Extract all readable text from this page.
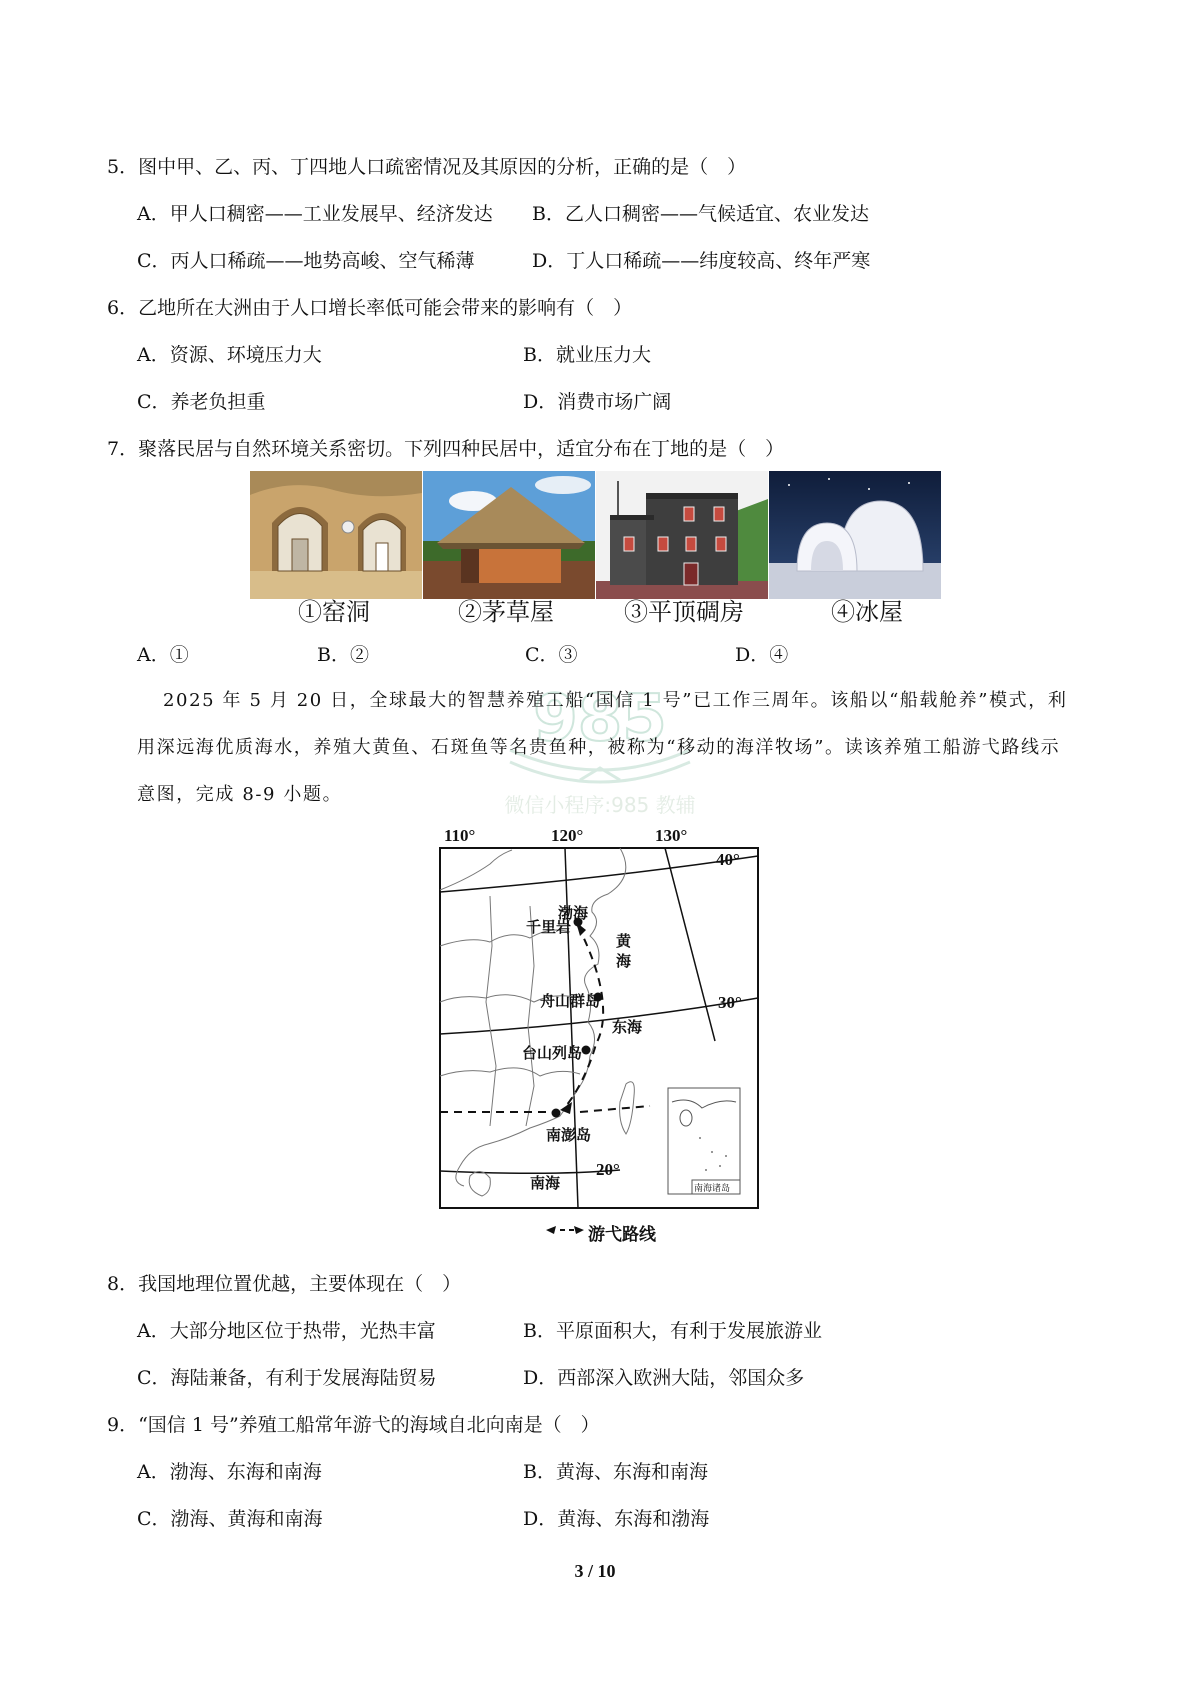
985
微信小程序:985 教辅
5．图中甲、乙、丙、丁四地人口疏密情况及其原因的分析，正确的是（　）
A．甲人口稠密——工业发展早、经济发达 B．乙人口稠密——气候适宜、农业发达
C．丙人口稀疏——地势高峻、空气稀薄	D．丁人口稀疏——纬度较高、终年严寒
6．乙地所在大洲由于人口增长率低可能会带来的影响有（　）
A．资源、环境压力大	B．就业压力大
C．养老负担重	D．消费市场广阔
7．聚落民居与自然环境关系密切。下列四种民居中，适宜分布在丁地的是（　）
①窑洞	②茅草屋	③平顶碉房	④冰屋
A．①	B．②	C．③	D．④
2025 年 5 月 20 日，全球最大的智慧养殖工船“国信 1 号”已工作三周年。该船以“船载舱养”模式，利
用深远海优质海水，养殖大黄鱼、石斑鱼等名贵鱼种，被称为“移动的海洋牧场”。读该养殖工船游弋路线示
意图，完成 8-9 小题。
110°	120°	130°
40°
30°
20°
渤海
千里岩
黄
海
舟山群岛
东海
台山列岛
南澎岛
南海	南海诸岛
游弋路线
8．我国地理位置优越，主要体现在（　）
A．大部分地区位于热带，光热丰富	B．平原面积大，有利于发展旅游业
C．海陆兼备，有利于发展海陆贸易	D．西部深入欧洲大陆，邻国众多
9．“国信 1 号”养殖工船常年游弋的海域自北向南是（　）
A．渤海、东海和南海	B．黄海、东海和南海
C．渤海、黄海和南海	D．黄海、东海和渤海
3 / 10
